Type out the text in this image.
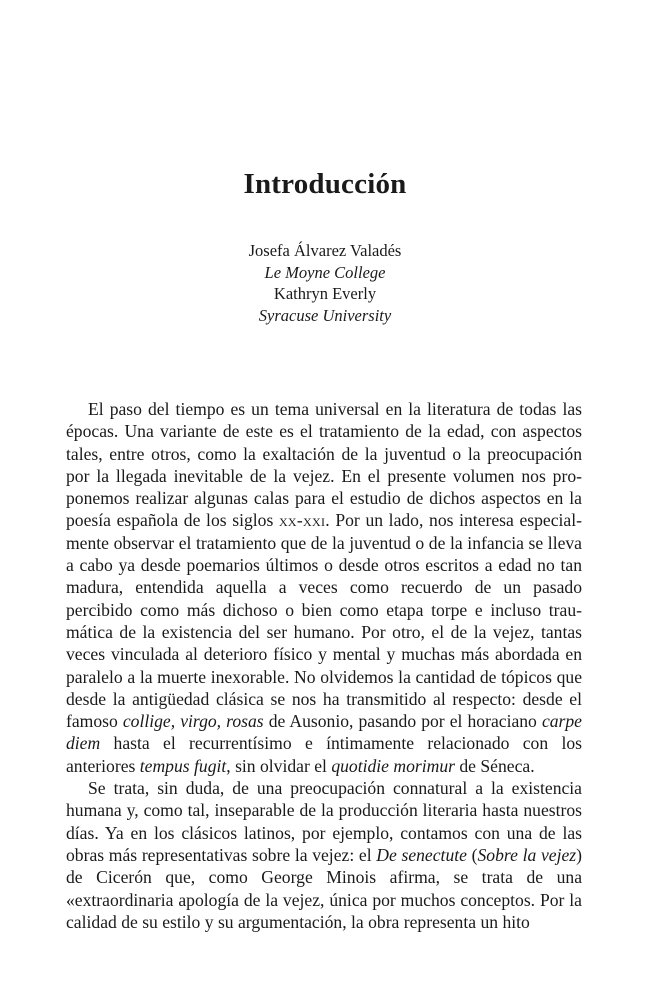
Introducción
Josefa Álvarez Valadés
Le Moyne College
Kathryn Everly
Syracuse University

El paso del tiempo es un tema universal en la literatura de todas las épocas. Una variante de este es el tratamiento de la edad, con aspectos tales, entre otros, como la exaltación de la juventud o la preocupación por la llegada inevitable de la vejez. En el presente volumen nos proponemos realizar algunas calas para el estudio de dichos aspectos en la poesía española de los siglos xx-xxi. Por un lado, nos interesa especialmente observar el tratamiento que de la juventud o de la infancia se lleva a cabo ya desde poemarios últimos o desde otros escritos a edad no tan madura, entendida aquella a veces como recuerdo de un pasado percibido como más dichoso o bien como etapa torpe e incluso traumática de la existencia del ser humano. Por otro, el de la vejez, tantas veces vinculada al deterioro físico y mental y muchas más abordada en paralelo a la muerte inexorable. No olvidemos la cantidad de tópicos que desde la antigüedad clásica se nos ha transmitido al respecto: desde el famoso collige, virgo, rosas de Ausonio, pasando por el horaciano carpe diem hasta el recurrentísimo e íntimamente relacionado con los anteriores tempus fugit, sin olvidar el quotidie morimur de Séneca.

Se trata, sin duda, de una preocupación connatural a la existencia humana y, como tal, inseparable de la producción literaria hasta nuestros días. Ya en los clásicos latinos, por ejemplo, contamos con una de las obras más representativas sobre la vejez: el De senectute (Sobre la vejez) de Cicerón que, como George Minois afirma, se trata de una «extraordinaria apología de la vejez, única por muchos conceptos. Por la calidad de su estilo y su argumentación, la obra representa un hito
